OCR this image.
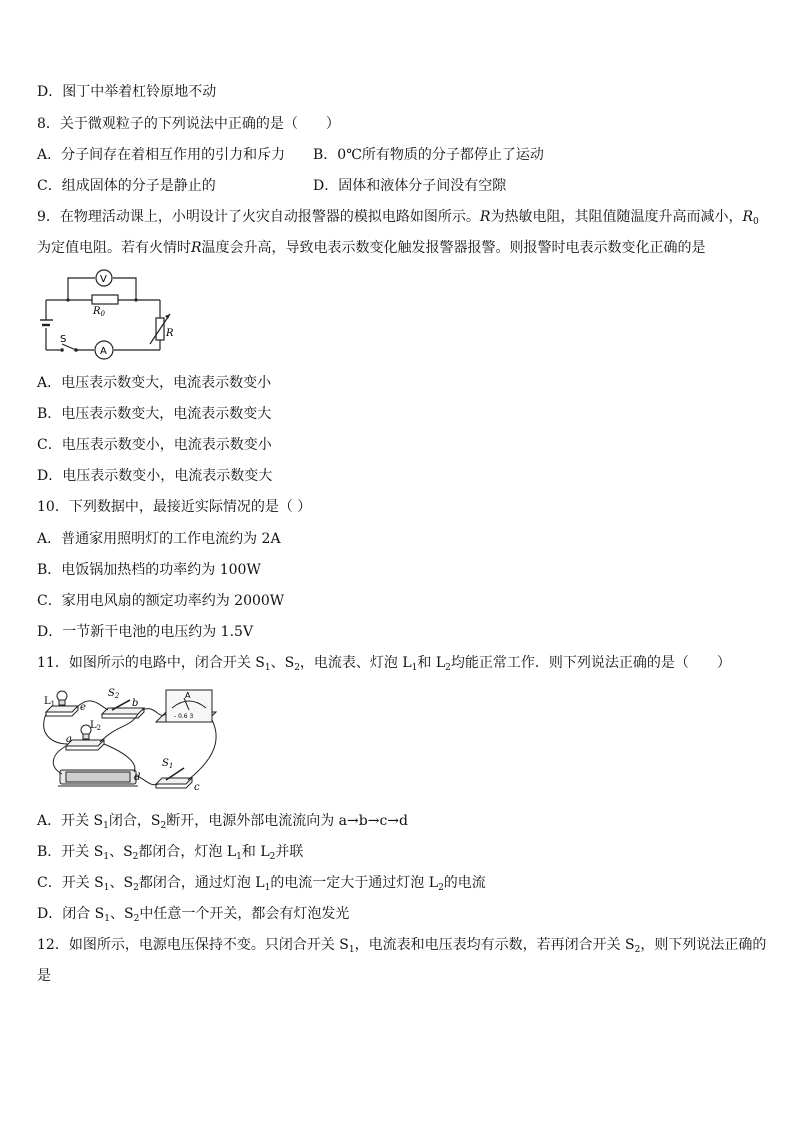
D．图丁中举着杠铃原地不动
8．关于微观粒子的下列说法中正确的是（　　）
A．分子间存在着相互作用的引力和斥力 B．0℃所有物质的分子都停止了运动
C．组成固体的分子是静止的	D．固体和液体分子间没有空隙
9．在物理活动课上，小明设计了火灾自动报警器的模拟电路如图所示。R为热敏电阻，其阻值随温度升高而减小，$R_0$
为定值电阻。若有火情时R温度会升高，导致电表示数变化触发报警器报警。则报警时电表示数变化正确的是
V
A
$R_0$
R
S
A．电压表示数变大，电流表示数变小
B．电压表示数变大，电流表示数变大
C．电压表示数变小，电流表示数变小
D．电压表示数变小，电流表示数变大
10．下列数据中，最接近实际情况的是（ ）
A．普通家用照明灯的工作电流约为 2A
B．电饭锅加热档的功率约为 100W
C．家用电风扇的额定功率约为 2000W
D．一节新干电池的电压约为 1.5V
11．如图所示的电路中，闭合开关 $S_1$、$S_2$，电流表、灯泡 $L_1$和 $L_2$均能正常工作．则下列说法正确的是（　　）
$L_1$
$L_2$
$S_2$
$S_1$
e
a
b
c
d
A
- 0.6 3
A．开关 $S_1$闭合，$S_2$断开，电源外部电流流向为 a→b→c→d
B．开关 $S_1$、$S_2$都闭合，灯泡 $L_1$和 $L_2$并联
C．开关 $S_1$、$S_2$都闭合，通过灯泡 $L_1$的电流一定大于通过灯泡 $L_2$的电流
D．闭合 $S_1$、$S_2$中任意一个开关，都会有灯泡发光
12．如图所示，电源电压保持不变。只闭合开关 $S_1$，电流表和电压表均有示数，若再闭合开关 $S_2$，则下列说法正确的
是
